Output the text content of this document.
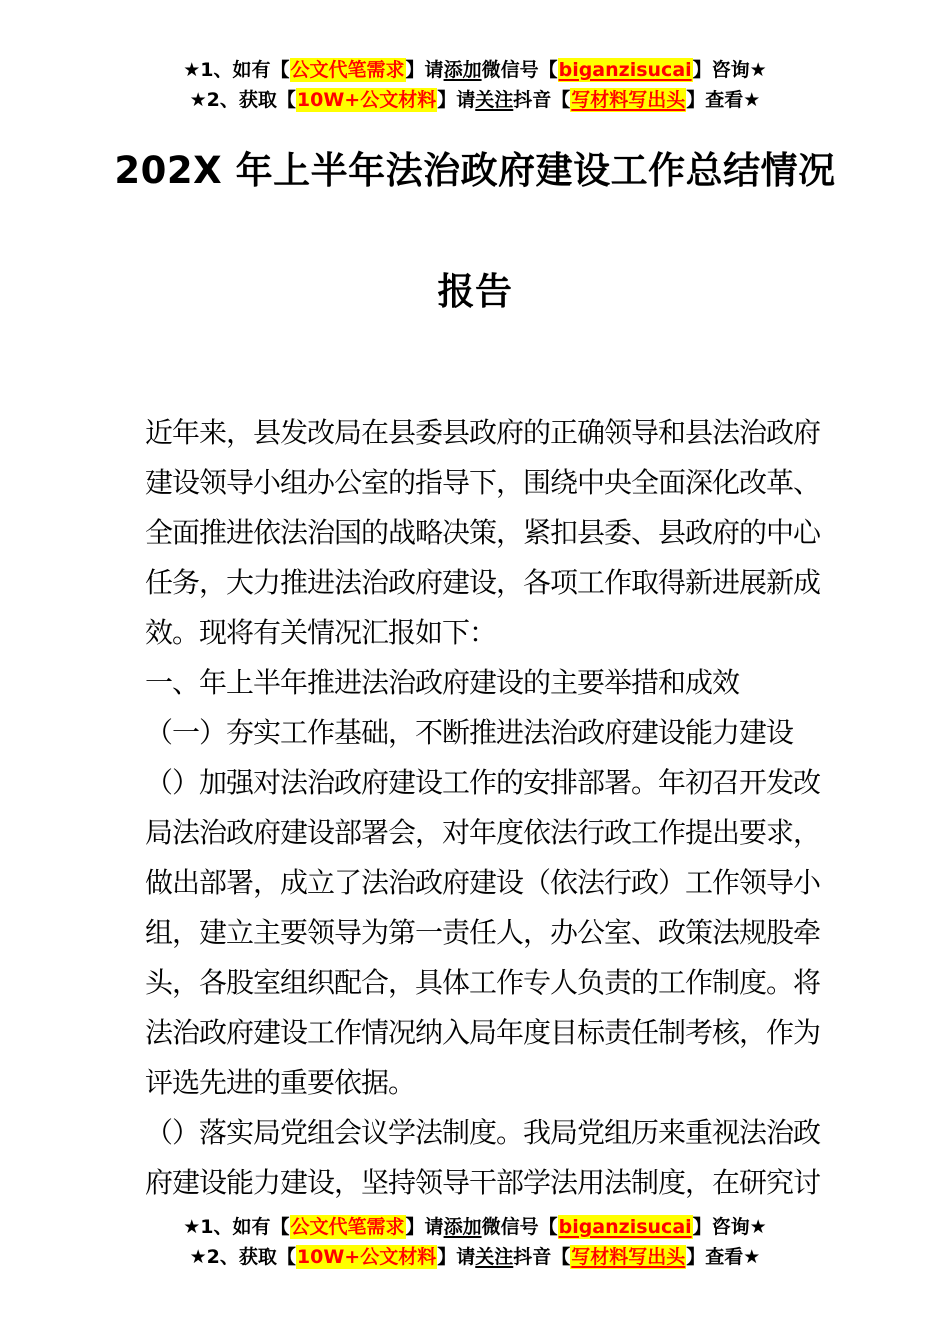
★1、如有【公文代笔需求】请添加微信号【biganzisucai】咨询★
★2、获取【10W+公文材料】请关注抖音【写材料写出头】查看★
202X 年上半年法治政府建设工作总结情况
报告
近年来，县发改局在县委县政府的正确领导和县法治政府
建设领导小组办公室的指导下，围绕中央全面深化改革、
全面推进依法治国的战略决策，紧扣县委、县政府的中心
任务，大力推进法治政府建设，各项工作取得新进展新成
效。现将有关情况汇报如下：
一、年上半年推进法治政府建设的主要举措和成效
（一）夯实工作基础，不断推进法治政府建设能力建设
（）加强对法治政府建设工作的安排部署。年初召开发改
局法治政府建设部署会，对年度依法行政工作提出要求，
做出部署，成立了法治政府建设（依法行政）工作领导小
组，建立主要领导为第一责任人，办公室、政策法规股牵
头，各股室组织配合，具体工作专人负责的工作制度。将
法治政府建设工作情况纳入局年度目标责任制考核，作为
评选先进的重要依据。
（）落实局党组会议学法制度。我局党组历来重视法治政
府建设能力建设，坚持领导干部学法用法制度，在研究讨
★1、如有【公文代笔需求】请添加微信号【biganzisucai】咨询★
★2、获取【10W+公文材料】请关注抖音【写材料写出头】查看★
